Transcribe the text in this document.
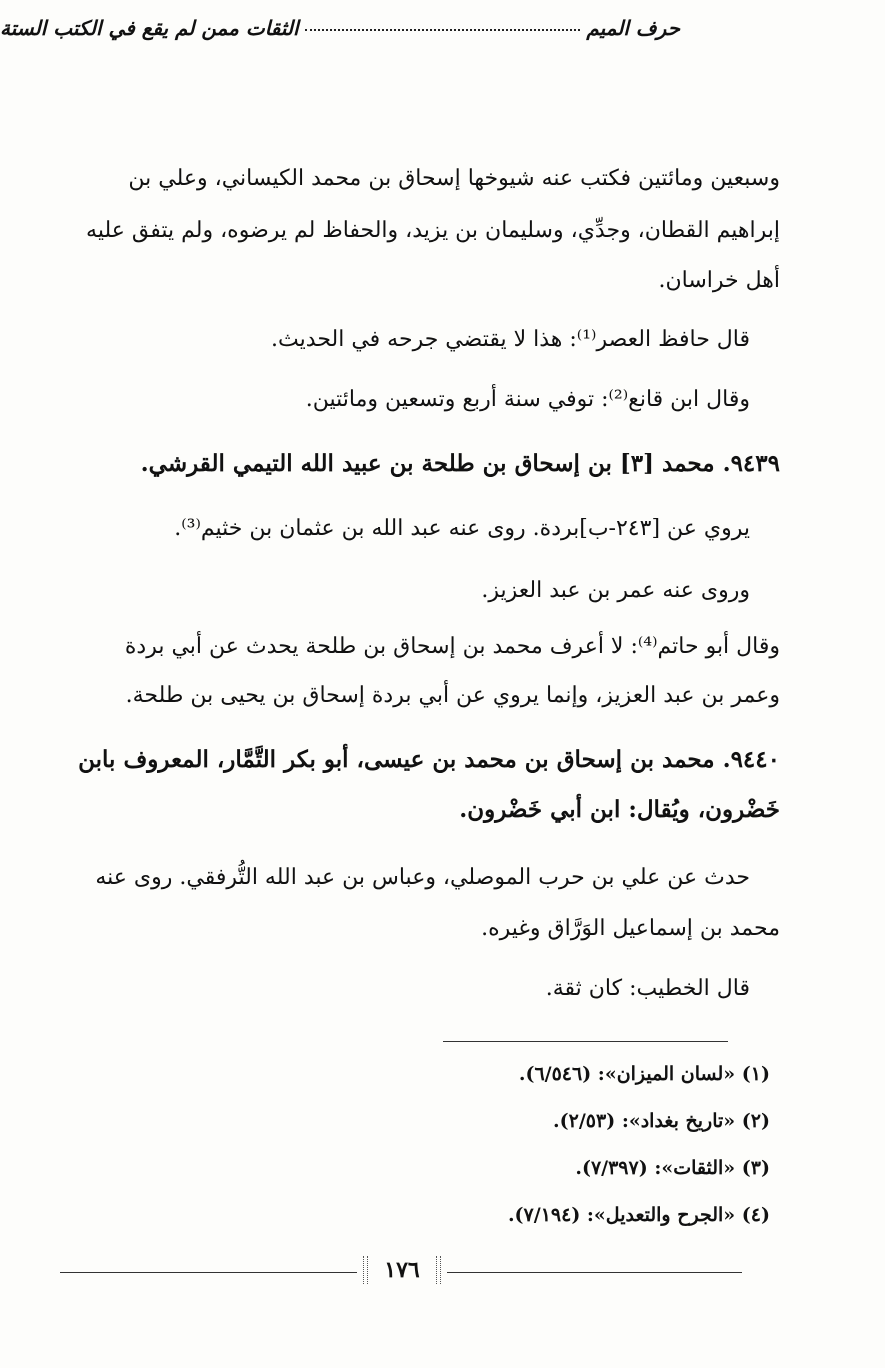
حرف الميم
الثقات ممن لم يقع في الكتب الستة
وسبعين ومائتين فكتب عنه شيوخها إسحاق بن محمد الكيساني، وعلي بن
إبراهيم القطان، وجدِّي، وسليمان بن يزيد، والحفاظ لم يرضوه، ولم يتفق عليه
أهل خراسان.
قال حافظ العصر⁽¹⁾: هذا لا يقتضي جرحه في الحديث.
وقال ابن قانع⁽²⁾: توفي سنة أربع وتسعين ومائتين.
٩٤٣٩. محمد [٣] بن إسحاق بن طلحة بن عبيد الله التيمي القرشي.
يروي عن [٢٤٣-ب]بردة. روى عنه عبد الله بن عثمان بن خثيم⁽³⁾.
وروى عنه عمر بن عبد العزيز.
وقال أبو حاتم⁽⁴⁾: لا أعرف محمد بن إسحاق بن طلحة يحدث عن أبي بردة
وعمر بن عبد العزيز، وإنما يروي عن أبي بردة إسحاق بن يحيى بن طلحة.
٩٤٤٠. محمد بن إسحاق بن محمد بن عيسى، أبو بكر التَّمَّار، المعروف بابن
خَضْرون، ويُقال: ابن أبي خَضْرون.
حدث عن علي بن حرب الموصلي، وعباس بن عبد الله التُّرفقي. روى عنه
محمد بن إسماعيل الوَرَّاق وغيره.
قال الخطيب: كان ثقة.
(١) «لسان الميزان»: (٦/٥٤٦).
(٢) «تاريخ بغداد»: (٢/٥٣).
(٣) «الثقات»: (٧/٣٩٧).
(٤) «الجرح والتعديل»: (٧/١٩٤).
١٧٦
